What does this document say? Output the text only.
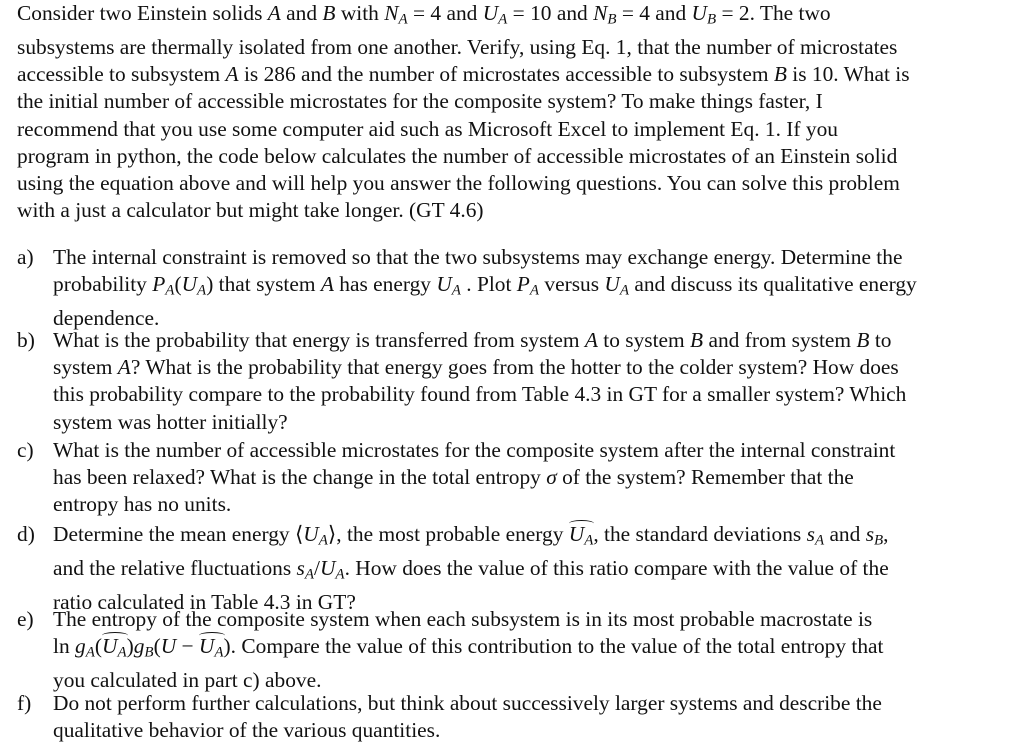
Consider two Einstein solids A and B with $N_A = 4$ and $U_A = 10$ and $N_B = 4$ and $U_B = 2$. The two
subsystems are thermally isolated from one another. Verify, using Eq. 1, that the number of microstates
accessible to subsystem A is 286 and the number of microstates accessible to subsystem B is 10. What is
the initial number of accessible microstates for the composite system? To make things faster, I
recommend that you use some computer aid such as Microsoft Excel to implement Eq. 1. If you
program in python, the code below calculates the number of accessible microstates of an Einstein solid
using the equation above and will help you answer the following questions. You can solve this problem
with a just a calculator but might take longer. (GT 4.6)
a) The internal constraint is removed so that the two subsystems may exchange energy. Determine the
probability $P_A(U_A)$ that system A has energy $U_A$ . Plot $P_A$ versus $U_A$ and discuss its qualitative energy
dependence.
b) What is the probability that energy is transferred from system A to system B and from system B to
system A? What is the probability that energy goes from the hotter to the colder system? How does
this probability compare to the probability found from Table 4.3 in GT for a smaller system? Which
system was hotter initially?
c) What is the number of accessible microstates for the composite system after the internal constraint
has been relaxed? What is the change in the total entropy σ of the system? Remember that the
entropy has no units.
d) Determine the mean energy $⟨U_A⟩$, the most probable energy $U_A$, the standard deviations $s_A$ and $s_B$,
and the relative fluctuations $s_A/U_A$. How does the value of this ratio compare with the value of the
ratio calculated in Table 4.3 in GT?
e) The entropy of the composite system when each subsystem is in its most probable macrostate is
$\ln g_A(U_A)g_B(U - U_A)$. Compare the value of this contribution to the value of the total entropy that
you calculated in part c) above.
f) Do not perform further calculations, but think about successively larger systems and describe the
qualitative behavior of the various quantities.
